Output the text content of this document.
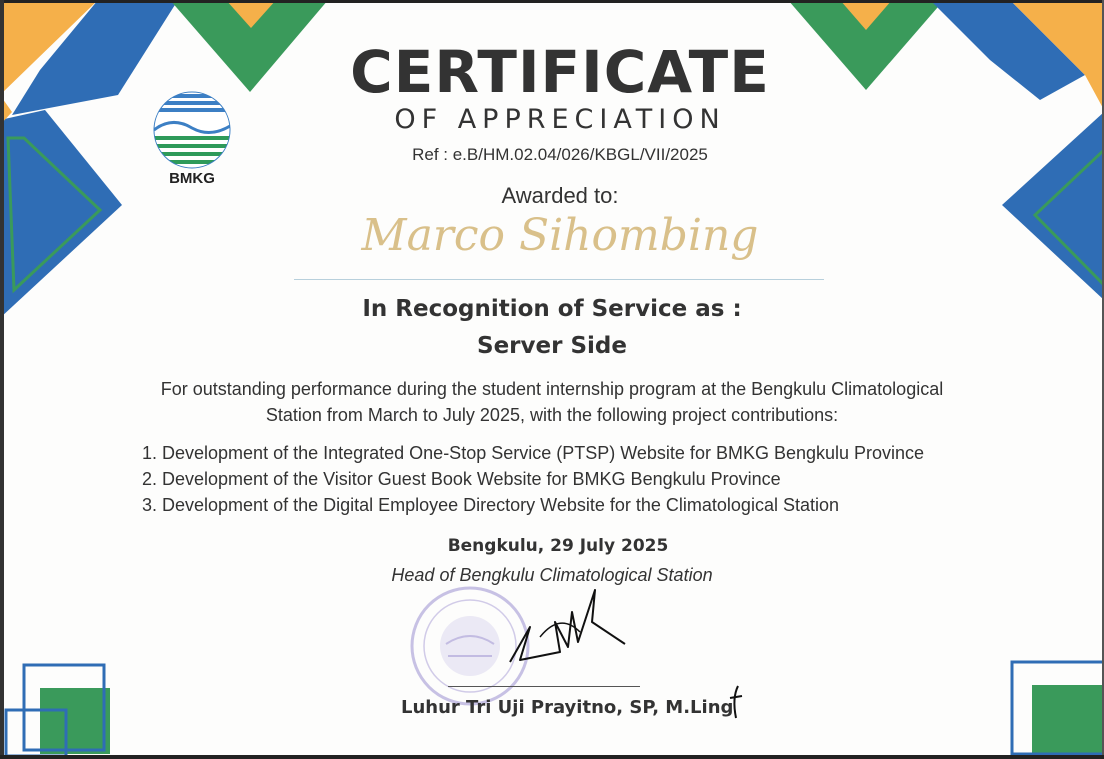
BMKG
CERTIFICATE
OF APPRECIATION
Ref : e.B/HM.02.04/026/KBGL/VII/2025
Awarded to:
Marco Sihombing
In Recognition of Service as :
Server Side
For outstanding performance during the student internship program at the Bengkulu Climatological
Station from March to July 2025, with the following project contributions:
1. Development of the Integrated One-Stop Service (PTSP) Website for BMKG Bengkulu Province
2. Development of the Visitor Guest Book Website for BMKG Bengkulu Province
3. Development of the Digital Employee Directory Website for the Climatological Station
Bengkulu, 29 July 2025
Head of Bengkulu Climatological Station
Luhur Tri Uji Prayitno, SP, M.Ling
